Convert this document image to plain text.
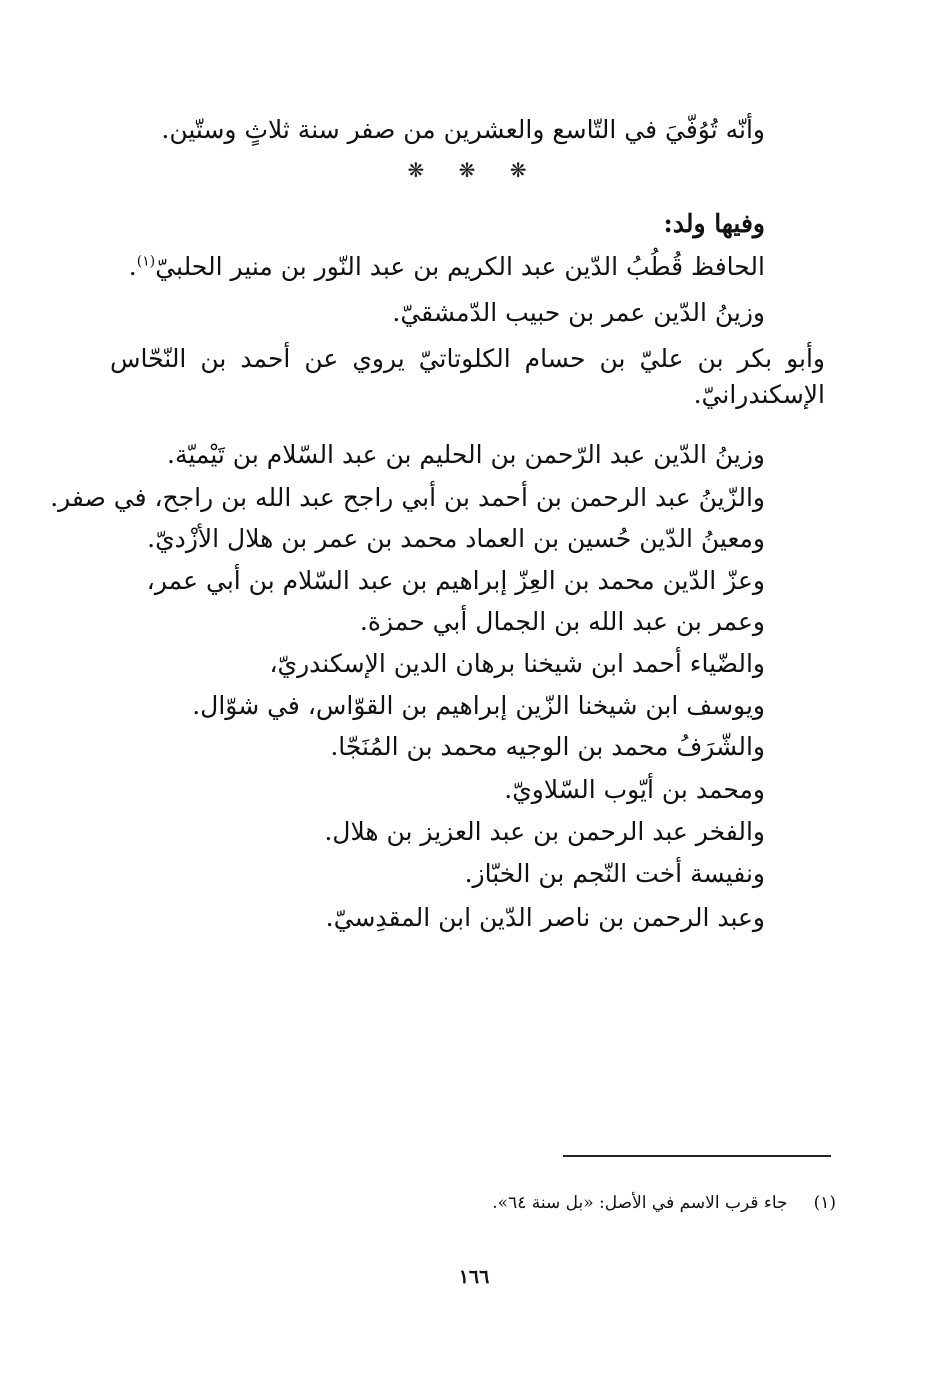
وأنّه تُوُفّيَ في التّاسع والعشرين من صفر سنة ثلاثٍ وستّين.
❋ ❋ ❋
وفيها ولد:
الحافظ قُطُبُ الدّين عبد الكريم بن عبد النّور بن منير الحلبيّ$^{(١)}$.
وزينُ الدّين عمر بن حبيب الدّمشقيّ.
وأبو بكر بن عليّ بن حسام الكلوتاتيّ يروي عن أحمد بن النّحّاس
الإسكندرانيّ.
وزينُ الدّين عبد الرّحمن بن الحليم بن عبد السّلام بن تَيْميّة.
والزّينُ عبد الرحمن بن أحمد بن أبي راجح عبد الله بن راجح، في صفر.
ومعينُ الدّين حُسين بن العماد محمد بن عمر بن هلال الأزْديّ.
وعزّ الدّين محمد بن العِزّ إبراهيم بن عبد السّلام بن أبي عمر،
وعمر بن عبد الله بن الجمال أبي حمزة.
والضّياء أحمد ابن شيخنا برهان الدين الإسكندريّ،
ويوسف ابن شيخنا الزّين إبراهيم بن القوّاس، في شوّال.
والشّرَفُ محمد بن الوجيه محمد بن المُنَجّا.
ومحمد بن أيّوب السّلاويّ.
والفخر عبد الرحمن بن عبد العزيز بن هلال.
ونفيسة أخت النّجم بن الخبّاز.
وعبد الرحمن بن ناصر الدّين ابن المقدِسيّ.
(١)جاء قرب الاسم في الأصل: «بل سنة ٦٤».
١٦٦
